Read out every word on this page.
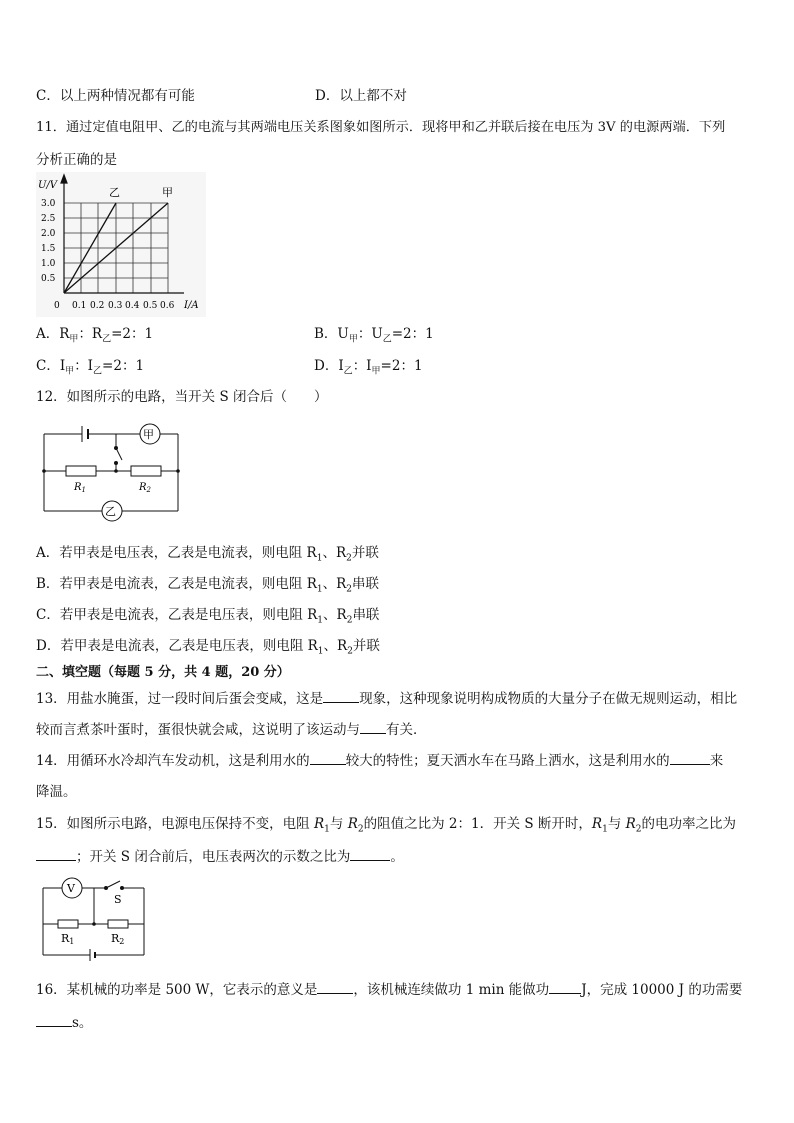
C．以上两种情况都有可能	D．以上都不对
11．通过定值电阻甲、乙的电流与其两端电压关系图象如图所示．现将甲和乙并联后接在电压为 3V 的电源两端．下列
分析正确的是
U/V
I/A
0
3.0
2.5
2.0
1.5
1.0
0.5
0.1 0.2 0.3 0.4 0.5 0.6
乙	甲
A．$R_甲$：$R_乙=2$：1	B．$U_甲$：$U_乙=2$：1
C．$I_甲$：$I_乙=2$：1	D．$I_乙$：$I_甲=2$：1
12．如图所示的电路，当开关 S 闭合后（　　）
甲
乙
$R_1$	$R_2$
A．若甲表是电压表，乙表是电流表，则电阻 $R_1$、$R_2$并联
B．若甲表是电流表，乙表是电流表，则电阻 $R_1$、$R_2$串联
C．若甲表是电流表，乙表是电压表，则电阻 $R_1$、$R_2$串联
D．若甲表是电流表，乙表是电压表，则电阻 $R_1$、$R_2$并联
二、填空题（每题 5 分，共 4 题，20 分）
13．用盐水腌蛋，过一段时间后蛋会变咸，这是	现象，这种现象说明构成物质的大量分子在做无规则运动，相比
较而言煮茶叶蛋时，蛋很快就会咸，这说明了该运动与 有关．
14．用循环水冷却汽车发动机，这是利用水的	较大的特性；夏天洒水车在马路上洒水，这是利用水的	来
降温。
15．如图所示电路，电源电压保持不变，电阻 $R_1$与 $R_2$的阻值之比为 2：1．开关 S 断开时，$R_1$与 $R_2$的电功率之比为
；开关 S 闭合前后，电压表两次的示数之比为	。
V
S
R1	R2
16．某机械的功率是 500 W，它表示的意义是	，该机械连续做功 1 min 能做功 J，完成 10000 J 的功需要
s。
